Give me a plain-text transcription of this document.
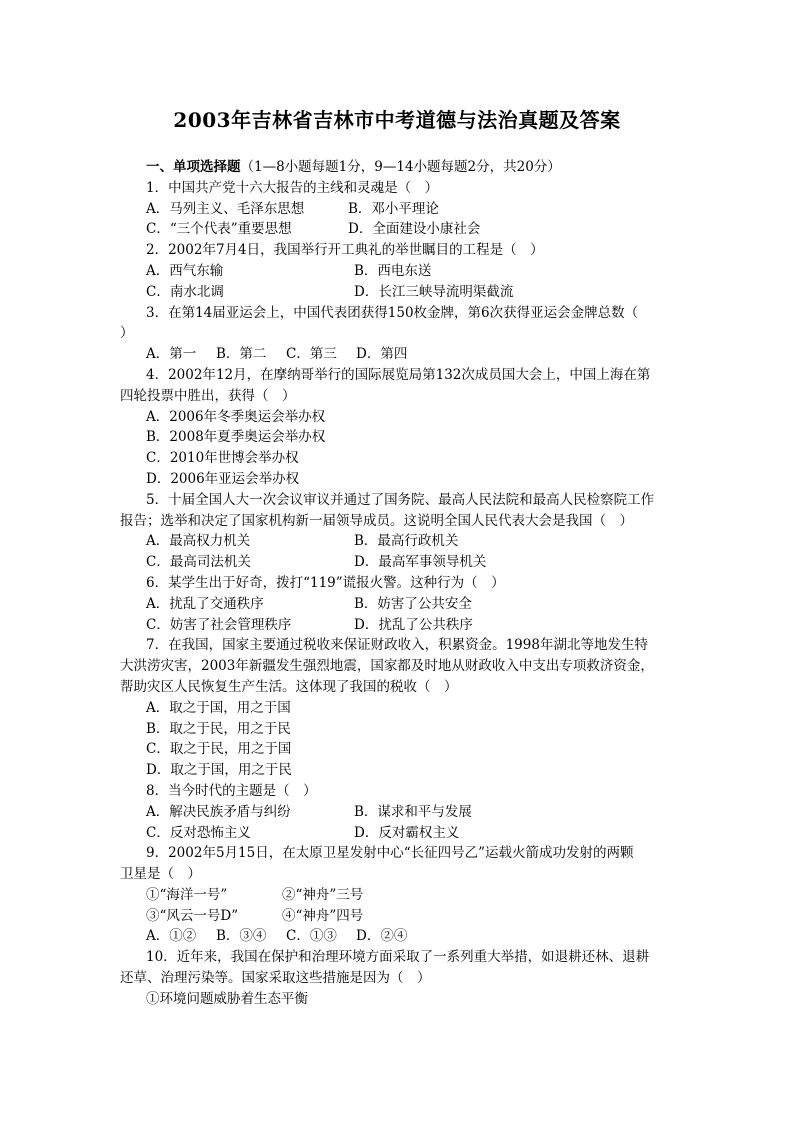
2003年吉林省吉林市中考道德与法治真题及答案
一、单项选择题（1—8小题每题1分，9—14小题每题2分，共20分）
1．中国共产党十六大报告的主线和灵魂是（　）
A．马列主义、毛泽东思想	B．邓小平理论
C．“三个代表”重要思想	D．全面建设小康社会
2．2002年7月4日，我国举行开工典礼的举世瞩目的工程是（　）
A．西气东输	B．西电东送
C．南水北调	D．长江三峡导流明渠截流
3．在第14届亚运会上，中国代表团获得150枚金牌，第6次获得亚运会金牌总数（
）
A．第一 B．第二 C．第三 D．第四
4．2002年12月，在摩纳哥举行的国际展览局第132次成员国大会上，中国上海在第
四轮投票中胜出，获得（　）
A．2006年冬季奥运会举办权
B．2008年夏季奥运会举办权
C．2010年世博会举办权
D．2006年亚运会举办权
5．十届全国人大一次会议审议并通过了国务院、最高人民法院和最高人民检察院工作
报告；选举和决定了国家机构新一届领导成员。这说明全国人民代表大会是我国（　）
A．最高权力机关	B．最高行政机关
C．最高司法机关	D．最高军事领导机关
6．某学生出于好奇，拨打“119”谎报火警。这种行为（　）
A．扰乱了交通秩序	B．妨害了公共安全
C．妨害了社会管理秩序	D．扰乱了公共秩序
7．在我国，国家主要通过税收来保证财政收入，积累资金。1998年湖北等地发生特
大洪涝灾害，2003年新疆发生强烈地震，国家都及时地从财政收入中支出专项救济资金，
帮助灾区人民恢复生产生活。这体现了我国的税收（　）
A．取之于国，用之于国
B．取之于民，用之于民
C．取之于民，用之于国
D．取之于国，用之于民
8．当今时代的主题是（　）
A．解决民族矛盾与纠纷	B．谋求和平与发展
C．反对恐怖主义	D．反对霸权主义
9．2002年5月15日，在太原卫星发射中心“长征四号乙”运载火箭成功发射的两颗
卫星是（　）
①“海洋一号”	②“神舟”三号
③“风云一号D”	④“神舟”四号
A．①② B．③④ C．①③ D．②④
10．近年来，我国在保护和治理环境方面采取了一系列重大举措，如退耕还林、退耕
还草、治理污染等。国家采取这些措施是因为（　）
①环境问题威胁着生态平衡
